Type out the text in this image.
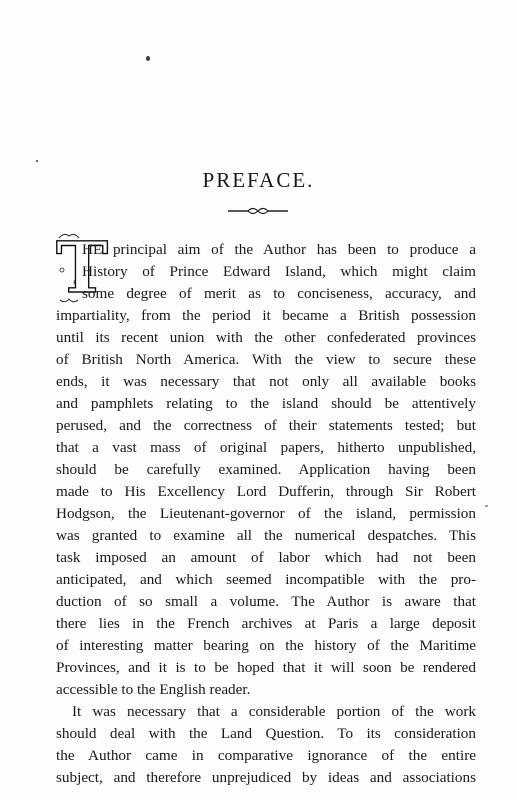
PREFACE.
T
HE principal aim of the Author has been to produce a
History of Prince Edward Island, which might claim
some degree of merit as to conciseness, accuracy, and
impartiality, from the period it became a British possession
until its recent union with the other confederated provinces
of British North America. With the view to secure these
ends, it was necessary that not only all available books
and pamphlets relating to the island should be attentively
perused, and the correctness of their statements tested; but
that a vast mass of original papers, hitherto unpublished,
should be carefully examined. Application having been
made to His Excellency Lord Dufferin, through Sir Robert
Hodgson, the Lieutenant-governor of the island, permission
was granted to examine all the numerical despatches. This
task imposed an amount of labor which had not been
anticipated, and which seemed incompatible with the pro-
duction of so small a volume. The Author is aware that
there lies in the French archives at Paris a large deposit
of interesting matter bearing on the history of the Maritime
Provinces, and it is to be hoped that it will soon be rendered
accessible to the English reader.
It was necessary that a considerable portion of the work
should deal with the Land Question. To its consideration
the Author came in comparative ignorance of the entire
subject, and therefore unprejudiced by ideas and associations
